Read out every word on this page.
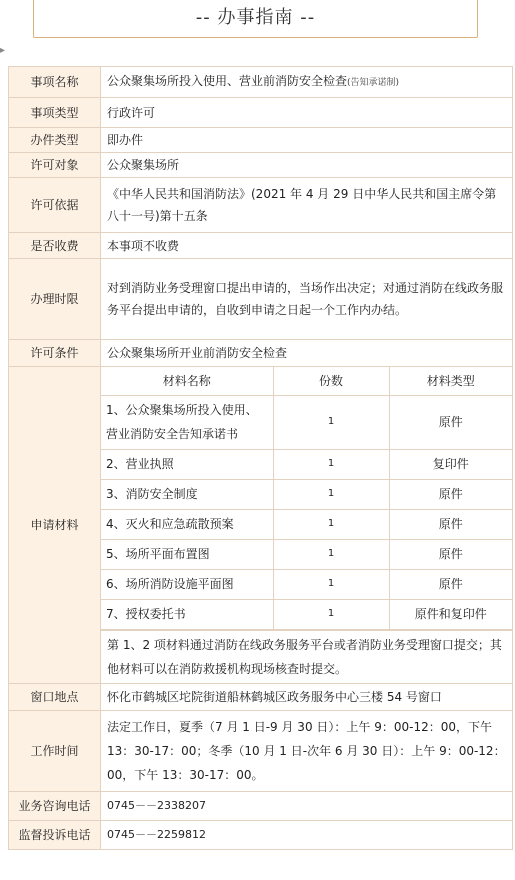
-- 办事指南 --
▸
事项名称	公众聚集场所投入使用、营业前消防安全检查(告知承诺制)
事项类型	行政许可
办件类型	即办件
许可对象	公众聚集场所
许可依据	《中华人民共和国消防法》(2021 年 4 月 29 日中华人民共和国主席令第八十一号)第十五条
是否收费	本事项不收费
办理时限	对到消防业务受理窗口提出申请的，当场作出决定；对通过消防在线政务服务平台提出申请的，自收到申请之日起一个工作内办结。
许可条件	公众聚集场所开业前消防安全检查
申请材料	
材料名称	份数	材料类型
1、公众聚集场所投入使用、营业消防安全告知承诺书	1	原件
2、营业执照	1	复印件
3、消防安全制度	1	原件
4、灭火和应急疏散预案	1	原件
5、场所平面布置图	1	原件
6、场所消防设施平面图	1	原件
7、授权委托书	1	原件和复印件
第 1、2 项材料通过消防在线政务服务平台或者消防业务受理窗口提交；其他材料可以在消防救援机构现场核查时提交。

窗口地点	怀化市鹤城区坨院街道船林鹤城区政务服务中心三楼 54 号窗口
工作时间	法定工作日，夏季（7 月 1 日-9 月 30 日）：上午 9：00-12：00，下午 13：30-17：00；冬季（10 月 1 日-次年 6 月 30 日）：上午 9：00-12：00，下午 13：30-17：00。
业务咨询电话	0745－－2338207
监督投诉电话	0745－－2259812
